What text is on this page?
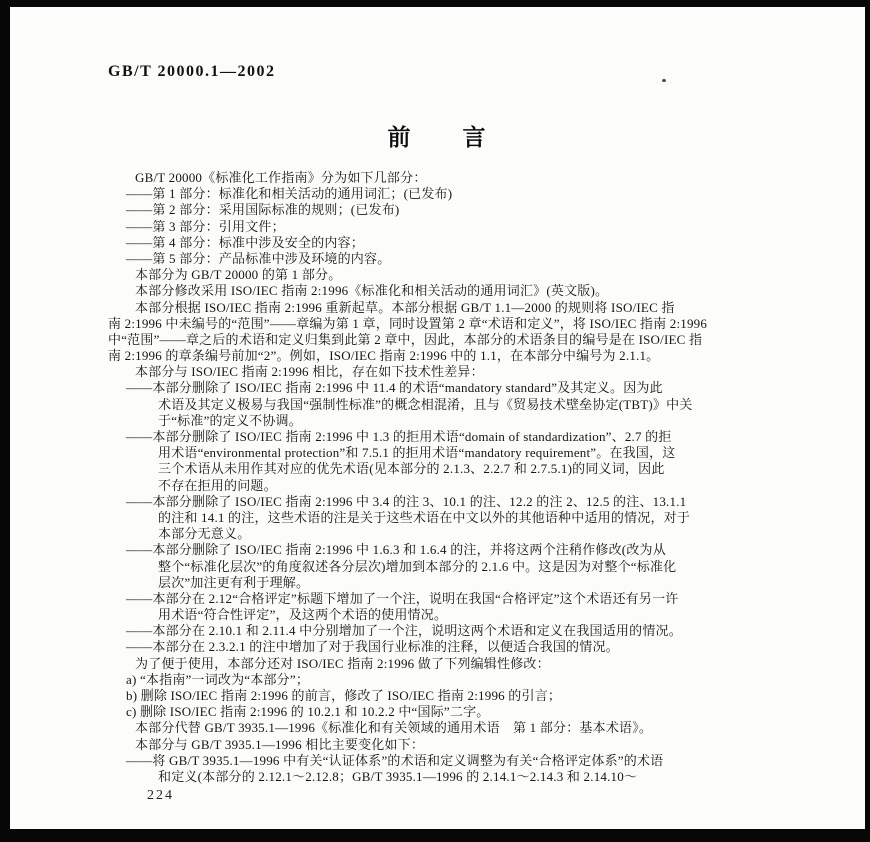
GB/T 20000.1—2002
前　　言
GB/T 20000《标准化工作指南》分为如下几部分：
——第 1 部分：标准化和相关活动的通用词汇；(已发布)
——第 2 部分：采用国际标准的规则；(已发布)
——第 3 部分：引用文件；
——第 4 部分：标准中涉及安全的内容；
——第 5 部分：产品标准中涉及环境的内容。
本部分为 GB/T 20000 的第 1 部分。
本部分修改采用 ISO/IEC 指南 2:1996《标准化和相关活动的通用词汇》(英文版)。
本部分根据 ISO/IEC 指南 2:1996 重新起草。本部分根据 GB/T 1.1—2000 的规则将 ISO/IEC 指
南 2:1996 中未编号的“范围”——章编为第 1 章，同时设置第 2 章“术语和定义”，将 ISO/IEC 指南 2:1996
中“范围”——章之后的术语和定义归集到此第 2 章中，因此，本部分的术语条目的编号是在 ISO/IEC 指
南 2:1996 的章条编号前加“2”。例如，ISO/IEC 指南 2:1996 中的 1.1，在本部分中编号为 2.1.1。
本部分与 ISO/IEC 指南 2:1996 相比，存在如下技术性差异：
——本部分删除了 ISO/IEC 指南 2:1996 中 11.4 的术语“mandatory standard”及其定义。因为此
术语及其定义极易与我国“强制性标准”的概念相混淆，且与《贸易技术壁垒协定(TBT)》中关
于“标准”的定义不协调。
——本部分删除了 ISO/IEC 指南 2:1996 中 1.3 的拒用术语“domain of standardization”、2.7 的拒
用术语“environmental protection”和 7.5.1 的拒用术语“mandatory requirement”。在我国，这
三个术语从未用作其对应的优先术语(见本部分的 2.1.3、2.2.7 和 2.7.5.1)的同义词，因此
不存在拒用的问题。
——本部分删除了 ISO/IEC 指南 2:1996 中 3.4 的注 3、10.1 的注、12.2 的注 2、12.5 的注、13.1.1
的注和 14.1 的注，这些术语的注是关于这些术语在中文以外的其他语种中适用的情况，对于
本部分无意义。
——本部分删除了 ISO/IEC 指南 2:1996 中 1.6.3 和 1.6.4 的注，并将这两个注稍作修改(改为从
整个“标准化层次”的角度叙述各分层次)增加到本部分的 2.1.6 中。这是因为对整个“标准化
层次”加注更有利于理解。
——本部分在 2.12“合格评定”标题下增加了一个注，说明在我国“合格评定”这个术语还有另一许
用术语“符合性评定”，及这两个术语的使用情况。
——本部分在 2.10.1 和 2.11.4 中分别增加了一个注，说明这两个术语和定义在我国适用的情况。
——本部分在 2.3.2.1 的注中增加了对于我国行业标准的注释，以便适合我国的情况。
为了便于使用，本部分还对 ISO/IEC 指南 2:1996 做了下列编辑性修改：
a) “本指南”一词改为“本部分”；
b) 删除 ISO/IEC 指南 2:1996 的前言，修改了 ISO/IEC 指南 2:1996 的引言；
c) 删除 ISO/IEC 指南 2:1996 的 10.2.1 和 10.2.2 中“国际”二字。
本部分代替 GB/T 3935.1—1996《标准化和有关领域的通用术语　第 1 部分：基本术语》。
本部分与 GB/T 3935.1—1996 相比主要变化如下：
——将 GB/T 3935.1—1996 中有关“认证体系”的术语和定义调整为有关“合格评定体系”的术语
和定义(本部分的 2.12.1～2.12.8；GB/T 3935.1—1996 的 2.14.1～2.14.3 和 2.14.10～
224
